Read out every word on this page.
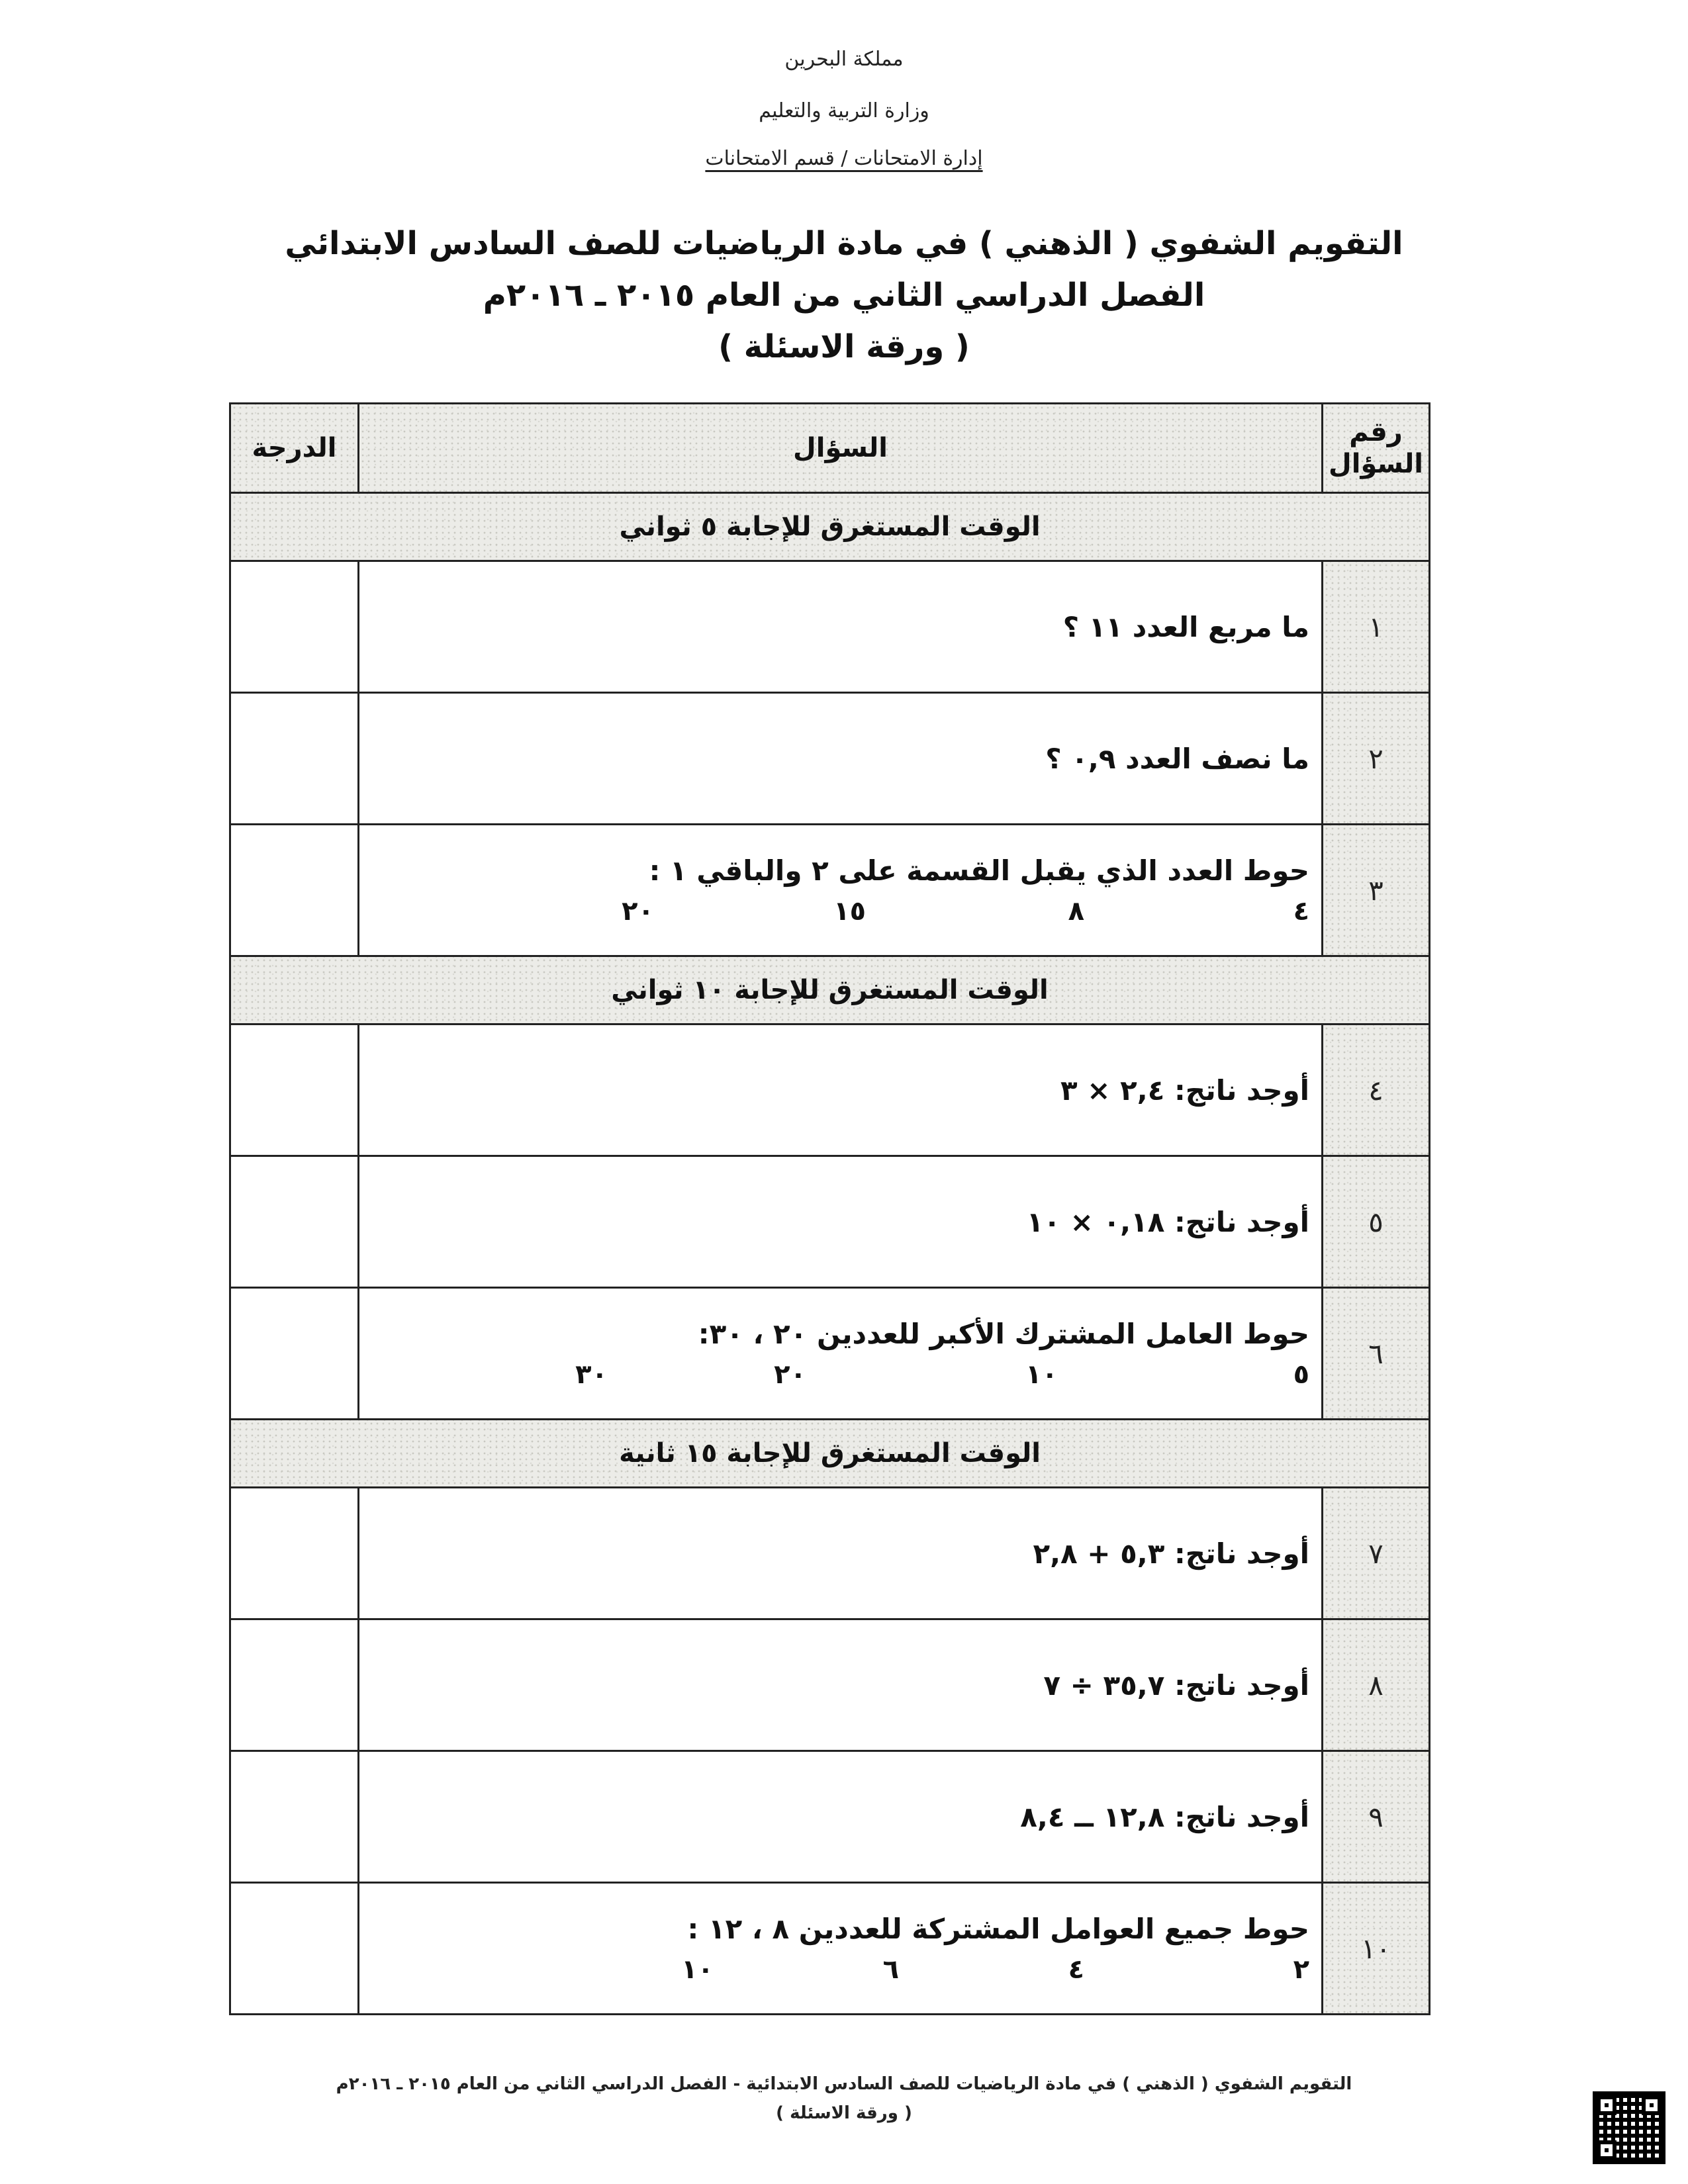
مملكة البحرين
وزارة التربية والتعليم
إدارة الامتحانات / قسم الامتحانات
التقويم الشفوي ( الذهني ) في مادة الرياضيات للصف السادس الابتدائي
الفصل الدراسي الثاني من العام ٢٠١٥ ـ ٢٠١٦م
( ورقة الاسئلة )
رقم السؤال	السؤال	الدرجة
الوقت المستغرق للإجابة ٥ ثواني		
١	ما مربع العدد ١١ ؟	

٢	ما نصف العدد ٠,٩ ؟	

٣	حوط العدد الذي يقبل القسمة على ٢ والباقي ١ :
٤
٨
١٥
٢٠	

الوقت المستغرق للإجابة ١٠ ثواني		
٤	أوجد ناتج: ٢,٤ × ٣	

٥	أوجد ناتج: ٠,١٨ × ١٠	

٦	حوط العامل المشترك الأكبر للعددين ٢٠ ، ٣٠:
٥
١٠
٢٠
٣٠	

الوقت المستغرق للإجابة ١٥ ثانية		
٧	أوجد ناتج: ٥,٣ + ٢,٨	

٨	أوجد ناتج: ٣٥,٧ ÷ ٧	

٩	أوجد ناتج: ١٢,٨ ــ ٨,٤	

١٠	حوط جميع العوامل المشتركة للعددين ٨ ، ١٢ :
٢
٤
٦
١٠	

التقويم الشفوي ( الذهني ) في مادة الرياضيات للصف السادس الابتدائية - الفصل الدراسي الثاني من العام ٢٠١٥ ـ ٢٠١٦م
( ورقة الاسئلة )
